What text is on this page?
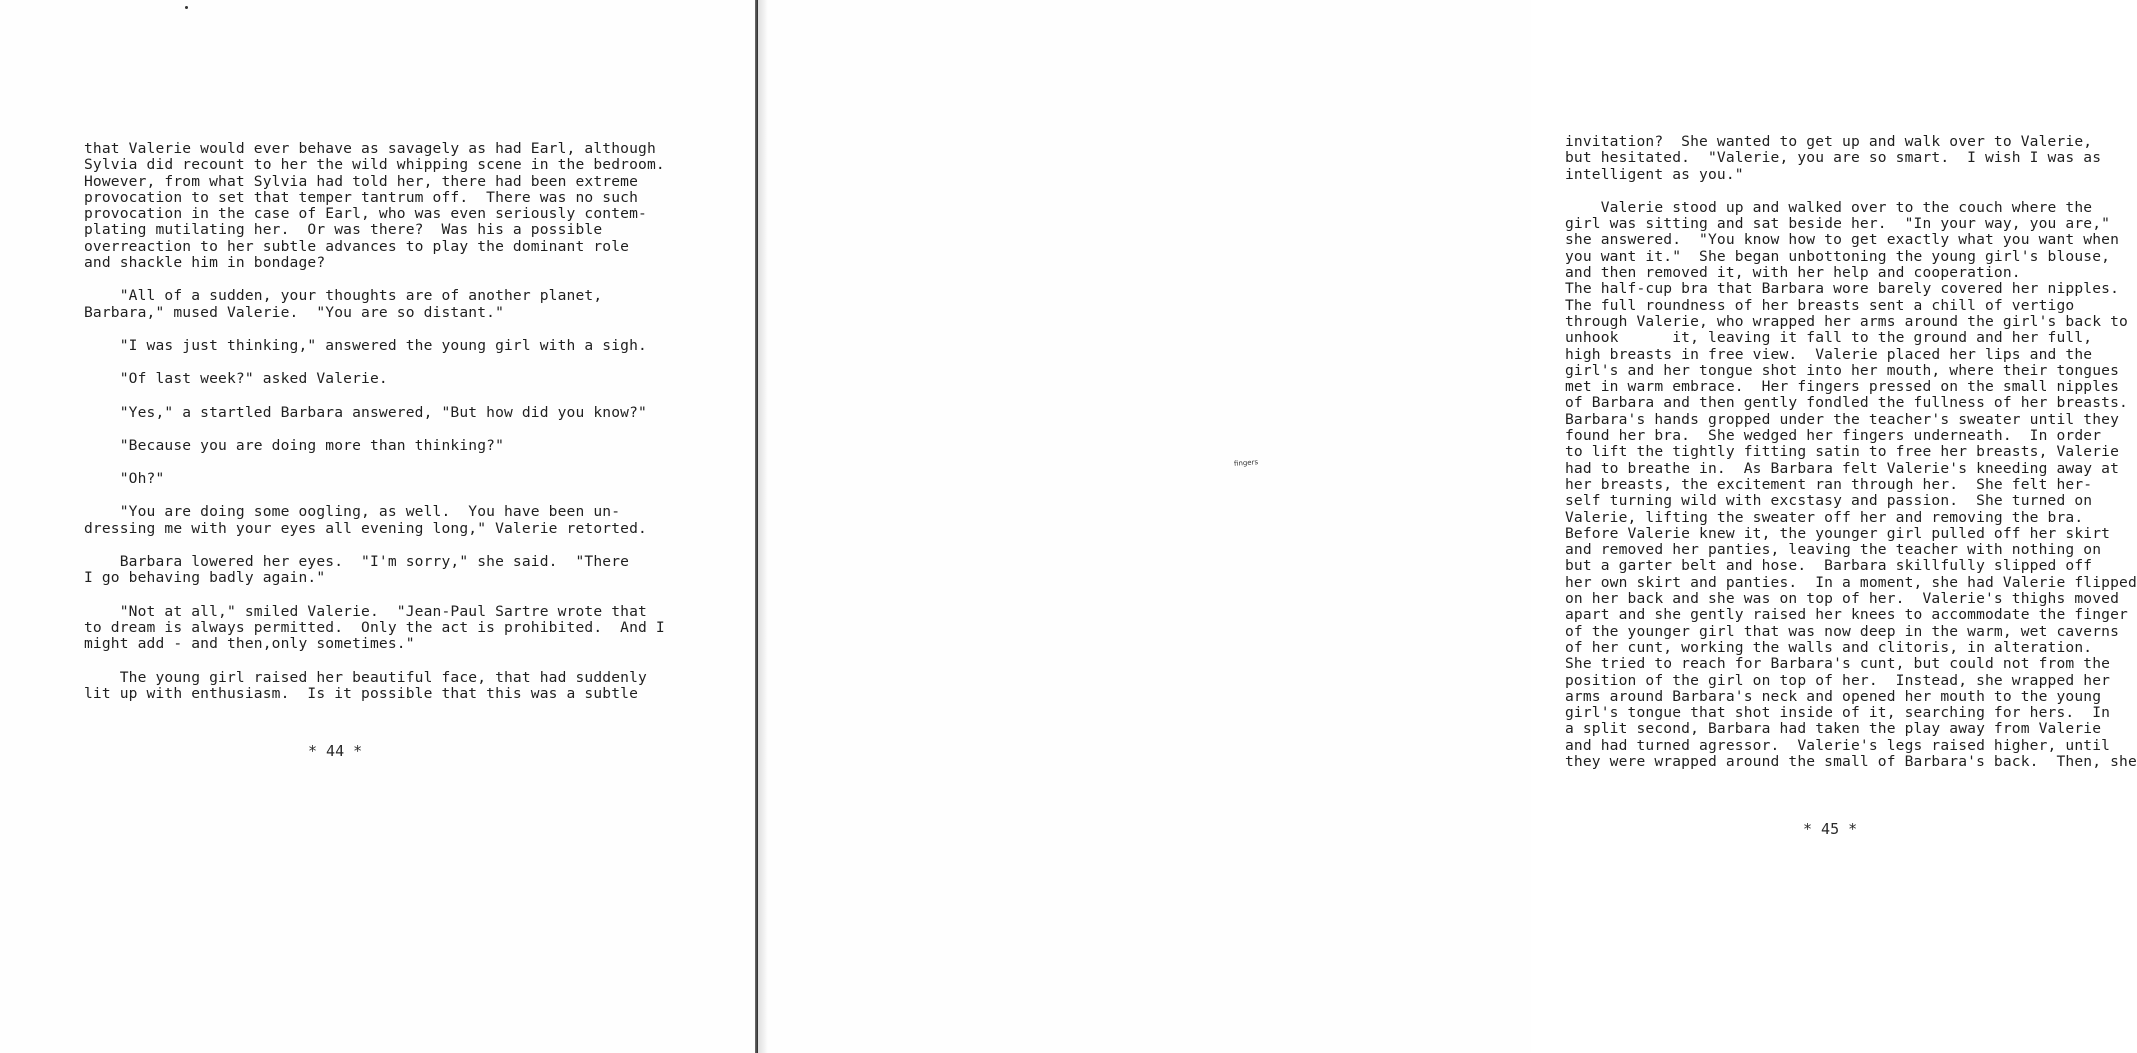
that Valerie would ever behave as savagely as had Earl, although
Sylvia did recount to her the wild whipping scene in the bedroom.
However, from what Sylvia had told her, there had been extreme
provocation to set that temper tantrum off.  There was no such
provocation in the case of Earl, who was even seriously contem-
plating mutilating her.  Or was there?  Was his a possible
overreaction to her subtle advances to play the dominant role
and shackle him in bondage?
"All of a sudden, your thoughts are of another planet,
Barbara," mused Valerie.  "You are so distant."
"I was just thinking," answered the young girl with a sigh.
"Of last week?" asked Valerie.
"Yes," a startled Barbara answered, "But how did you know?"
"Because you are doing more than thinking?"
"Oh?"
"You are doing some oogling, as well.  You have been un-
dressing me with your eyes all evening long," Valerie retorted.
Barbara lowered her eyes.  "I'm sorry," she said.  "There
I go behaving badly again."
"Not at all," smiled Valerie.  "Jean-Paul Sartre wrote that
to dream is always permitted.  Only the act is prohibited.  And I
might add - and then,only sometimes."
The young girl raised her beautiful face, that had suddenly
lit up with enthusiasm.  Is it possible that this was a subtle
* 44 *
invitation?  She wanted to get up and walk over to Valerie,
but hesitated.  "Valerie, you are so smart.  I wish I was as
intelligent as you."
Valerie stood up and walked over to the couch where the
girl was sitting and sat beside her.  "In your way, you are,"
she answered.  "You know how to get exactly what you want when
you want it."  She began unbottoning the young girl's blouse,
and then removed it, with her help and cooperation.
The half-cup bra that Barbara wore barely covered her nipples.
The full roundness of her breasts sent a chill of vertigo
through Valerie, who wrapped her arms around the girl's back to
unhook      it, leaving it fall to the ground and her full,
high breasts in free view.  Valerie placed her lips and the
girl's and her tongue shot into her mouth, where their tongues
met in warm embrace.  Her fingers pressed on the small nipples
of Barbara and then gently fondled the fullness of her breasts.
Barbara's hands gropped under the teacher's sweater until they
found her bra.  She wedged her fingers underneath.  In order
to lift the tightly fitting satin to free her breasts, Valerie
had to breathe in.  As Barbara felt Valerie's kneeding away at
her breasts, the excitement ran through her.  She felt her-
self turning wild with excstasy and passion.  She turned on
Valerie, lifting the sweater off her and removing the bra.
Before Valerie knew it, the younger girl pulled off her skirt
and removed her panties, leaving the teacher with nothing on
but a garter belt and hose.  Barbara skillfully slipped off
her own skirt and panties.  In a moment, she had Valerie flipped
on her back and she was on top of her.  Valerie's thighs moved
apart and she gently raised her knees to accommodate the finger
of the younger girl that was now deep in the warm, wet caverns
of her cunt, working the walls and clitoris, in alteration.
She tried to reach for Barbara's cunt, but could not from the
position of the girl on top of her.  Instead, she wrapped her
arms around Barbara's neck and opened her mouth to the young
girl's tongue that shot inside of it, searching for hers.  In
a split second, Barbara had taken the play away from Valerie
and had turned agressor.  Valerie's legs raised higher, until
they were wrapped around the small of Barbara's back.  Then, she
* 45 *
fingers
